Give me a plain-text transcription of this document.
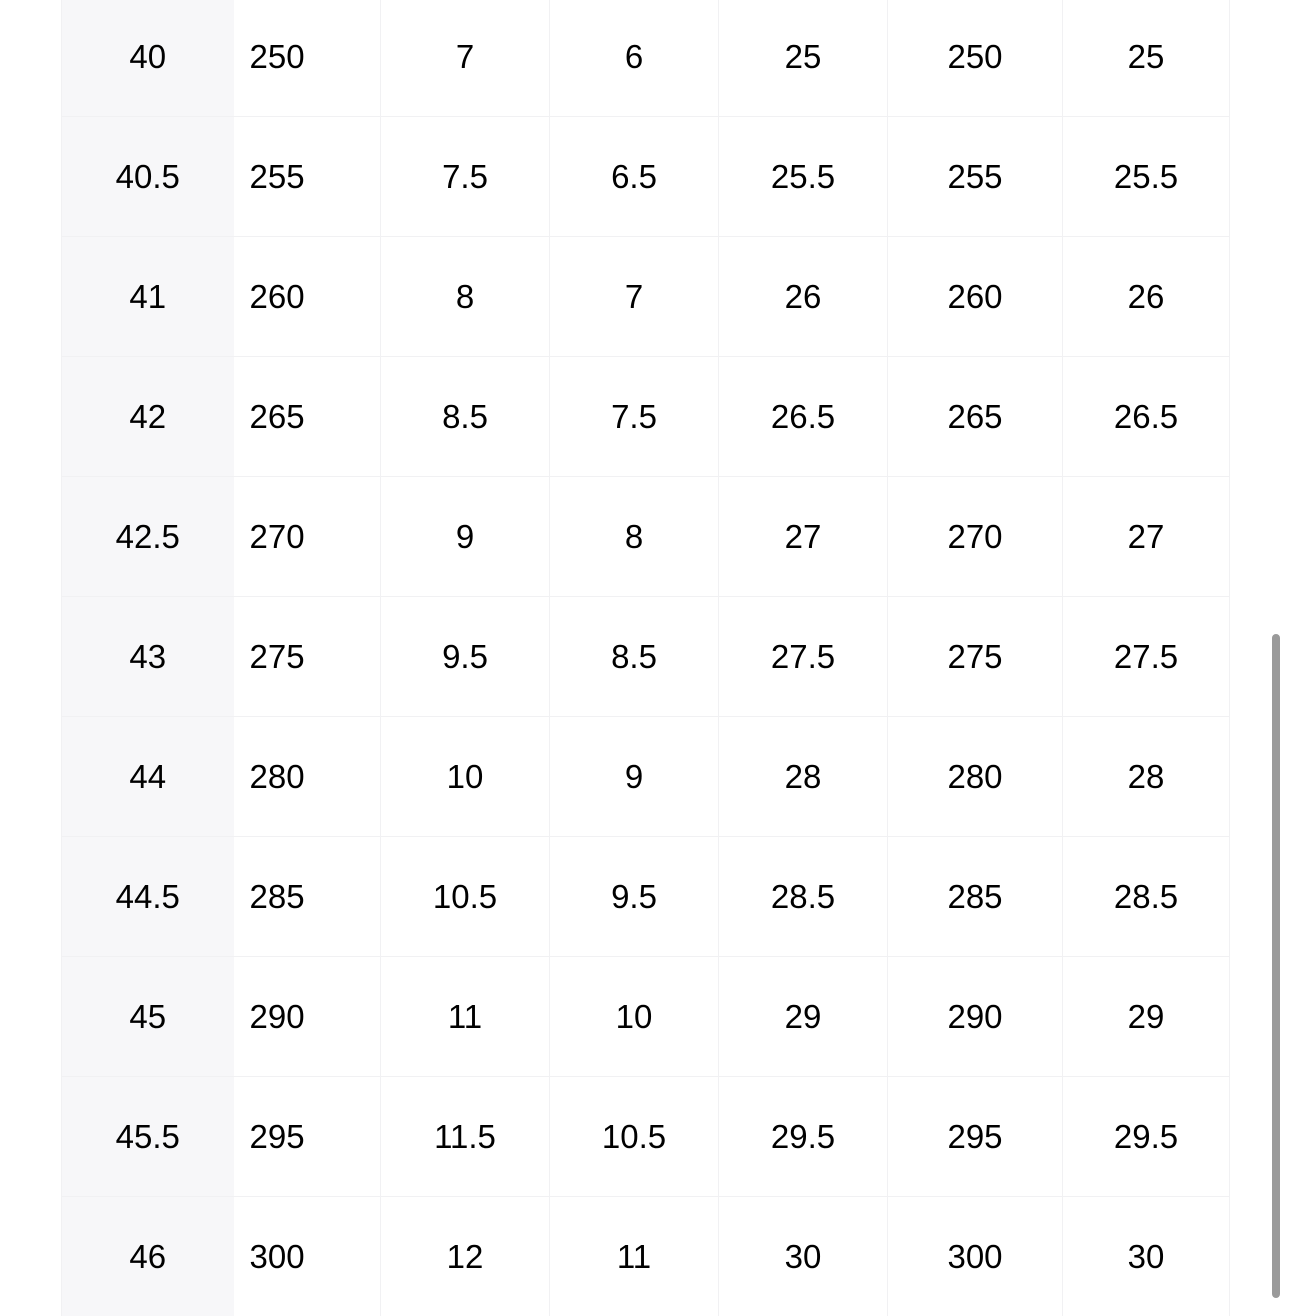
40	250	7	6	25	250	25
40.5	255	7.5	6.5	25.5	255	25.5
41	260	8	7	26	260	26
42	265	8.5	7.5	26.5	265	26.5
42.5	270	9	8	27	270	27
43	275	9.5	8.5	27.5	275	27.5
44	280	10	9	28	280	28
44.5	285	10.5	9.5	28.5	285	28.5
45	290	11	10	29	290	29
45.5	295	11.5	10.5	29.5	295	29.5
46	300	12	11	30	300	30
